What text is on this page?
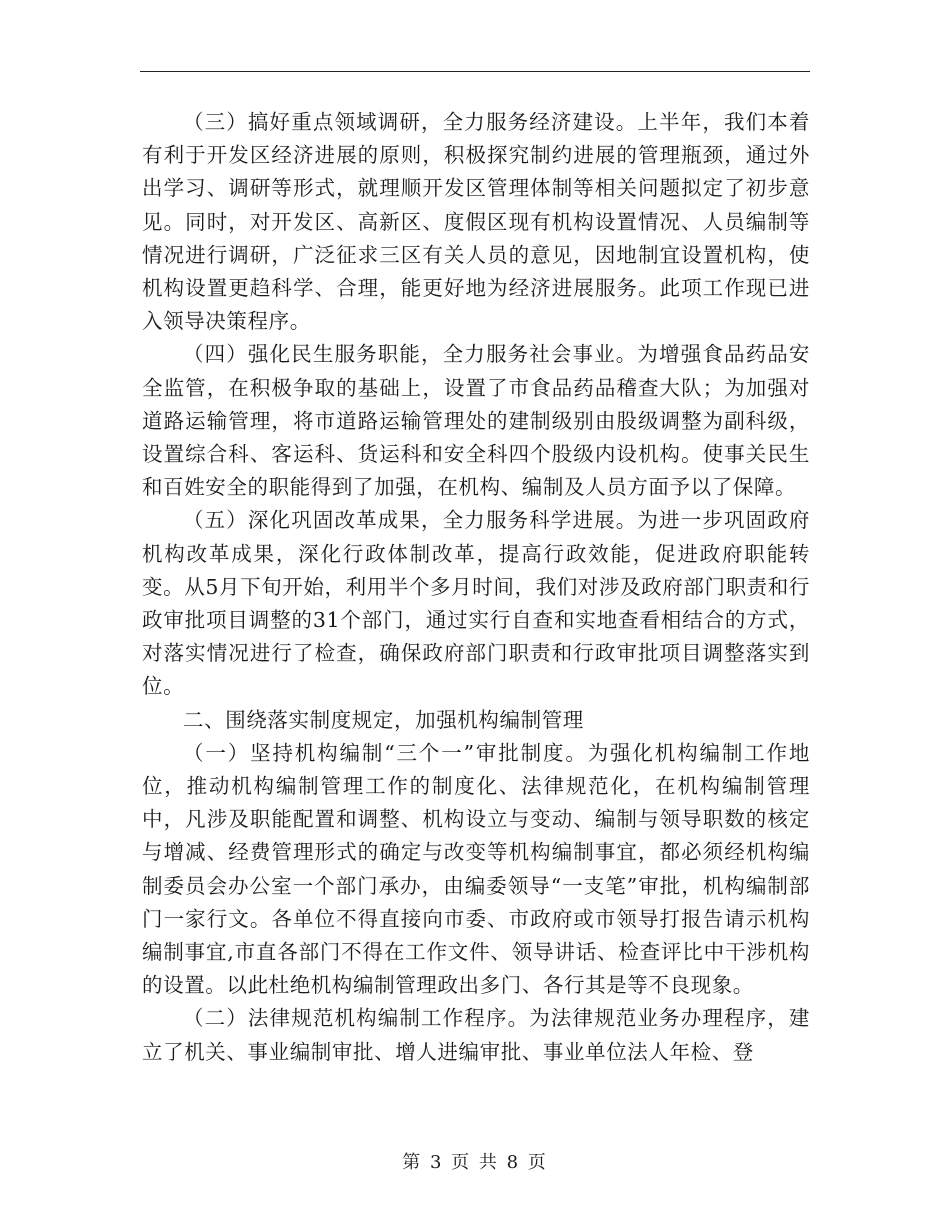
（三）搞好重点领域调研，全力服务经济建设。上半年，我们本着有利于开发区经济进展的原则，积极探究制约进展的管理瓶颈，通过外出学习、调研等形式，就理顺开发区管理体制等相关问题拟定了初步意见。同时，对开发区、高新区、度假区现有机构设置情况、人员编制等情况进行调研，广泛征求三区有关人员的意见，因地制宜设置机构，使机构设置更趋科学、合理，能更好地为经济进展服务。此项工作现已进入领导决策程序。

（四）强化民生服务职能，全力服务社会事业。为增强食品药品安全监管，在积极争取的基础上，设置了市食品药品稽查大队；为加强对道路运输管理，将市道路运输管理处的建制级别由股级调整为副科级，设置综合科、客运科、货运科和安全科四个股级内设机构。使事关民生和百姓安全的职能得到了加强，在机构、编制及人员方面予以了保障。

（五）深化巩固改革成果，全力服务科学进展。为进一步巩固政府机构改革成果，深化行政体制改革，提高行政效能，促进政府职能转变。从5月下旬开始，利用半个多月时间，我们对涉及政府部门职责和行政审批项目调整的31个部门，通过实行自查和实地查看相结合的方式，对落实情况进行了检查，确保政府部门职责和行政审批项目调整落实到位。

二、围绕落实制度规定，加强机构编制管理

（一）坚持机构编制“三个一”审批制度。为强化机构编制工作地位，推动机构编制管理工作的制度化、法律规范化，在机构编制管理中，凡涉及职能配置和调整、机构设立与变动、编制与领导职数的核定与增减、经费管理形式的确定与改变等机构编制事宜，都必须经机构编制委员会办公室一个部门承办，由编委领导“一支笔”审批，机构编制部门一家行文。各单位不得直接向市委、市政府或市领导打报告请示机构编制事宜,市直各部门不得在工作文件、领导讲话、检查评比中干涉机构的设置。以此杜绝机构编制管理政出多门、各行其是等不良现象。

（二）法律规范机构编制工作程序。为法律规范业务办理程序，建立了机关、事业编制审批、增人进编审批、事业单位法人年检、登

第 3 页 共 8 页
